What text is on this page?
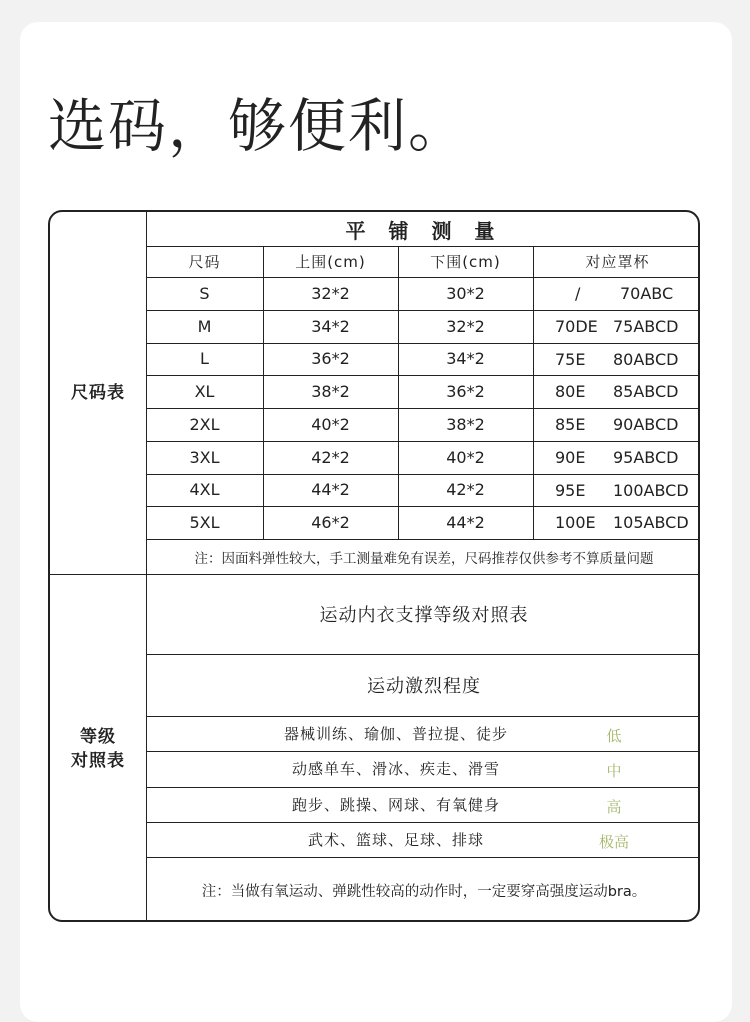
选码，够便利。
尺码表
等级
对照表
平 铺 测 量
尺码	上围(cm)	下围(cm)	对应罩杯
S	32*2	30*2	/ 70ABC
M	34*2	32*2	70DE 75ABCD
L	36*2	34*2	75E 80ABCD
XL	38*2	36*2	80E 85ABCD
2XL	40*2	38*2	85E 90ABCD
3XL	42*2	40*2	90E 95ABCD
4XL	44*2	42*2	95E 100ABCD
5XL	46*2	44*2	100E 105ABCD
注：因面料弹性较大，手工测量难免有误差，尺码推荐仅供参考不算质量问题
运动内衣支撑等级对照表
运动激烈程度
器械训练、瑜伽、普拉提、徒步	低
动感单车、滑冰、疾走、滑雪	中
跑步、跳操、网球、有氧健身	高
武术、篮球、足球、排球	极高
注：当做有氧运动、弹跳性较高的动作时，一定要穿高强度运动bra。
